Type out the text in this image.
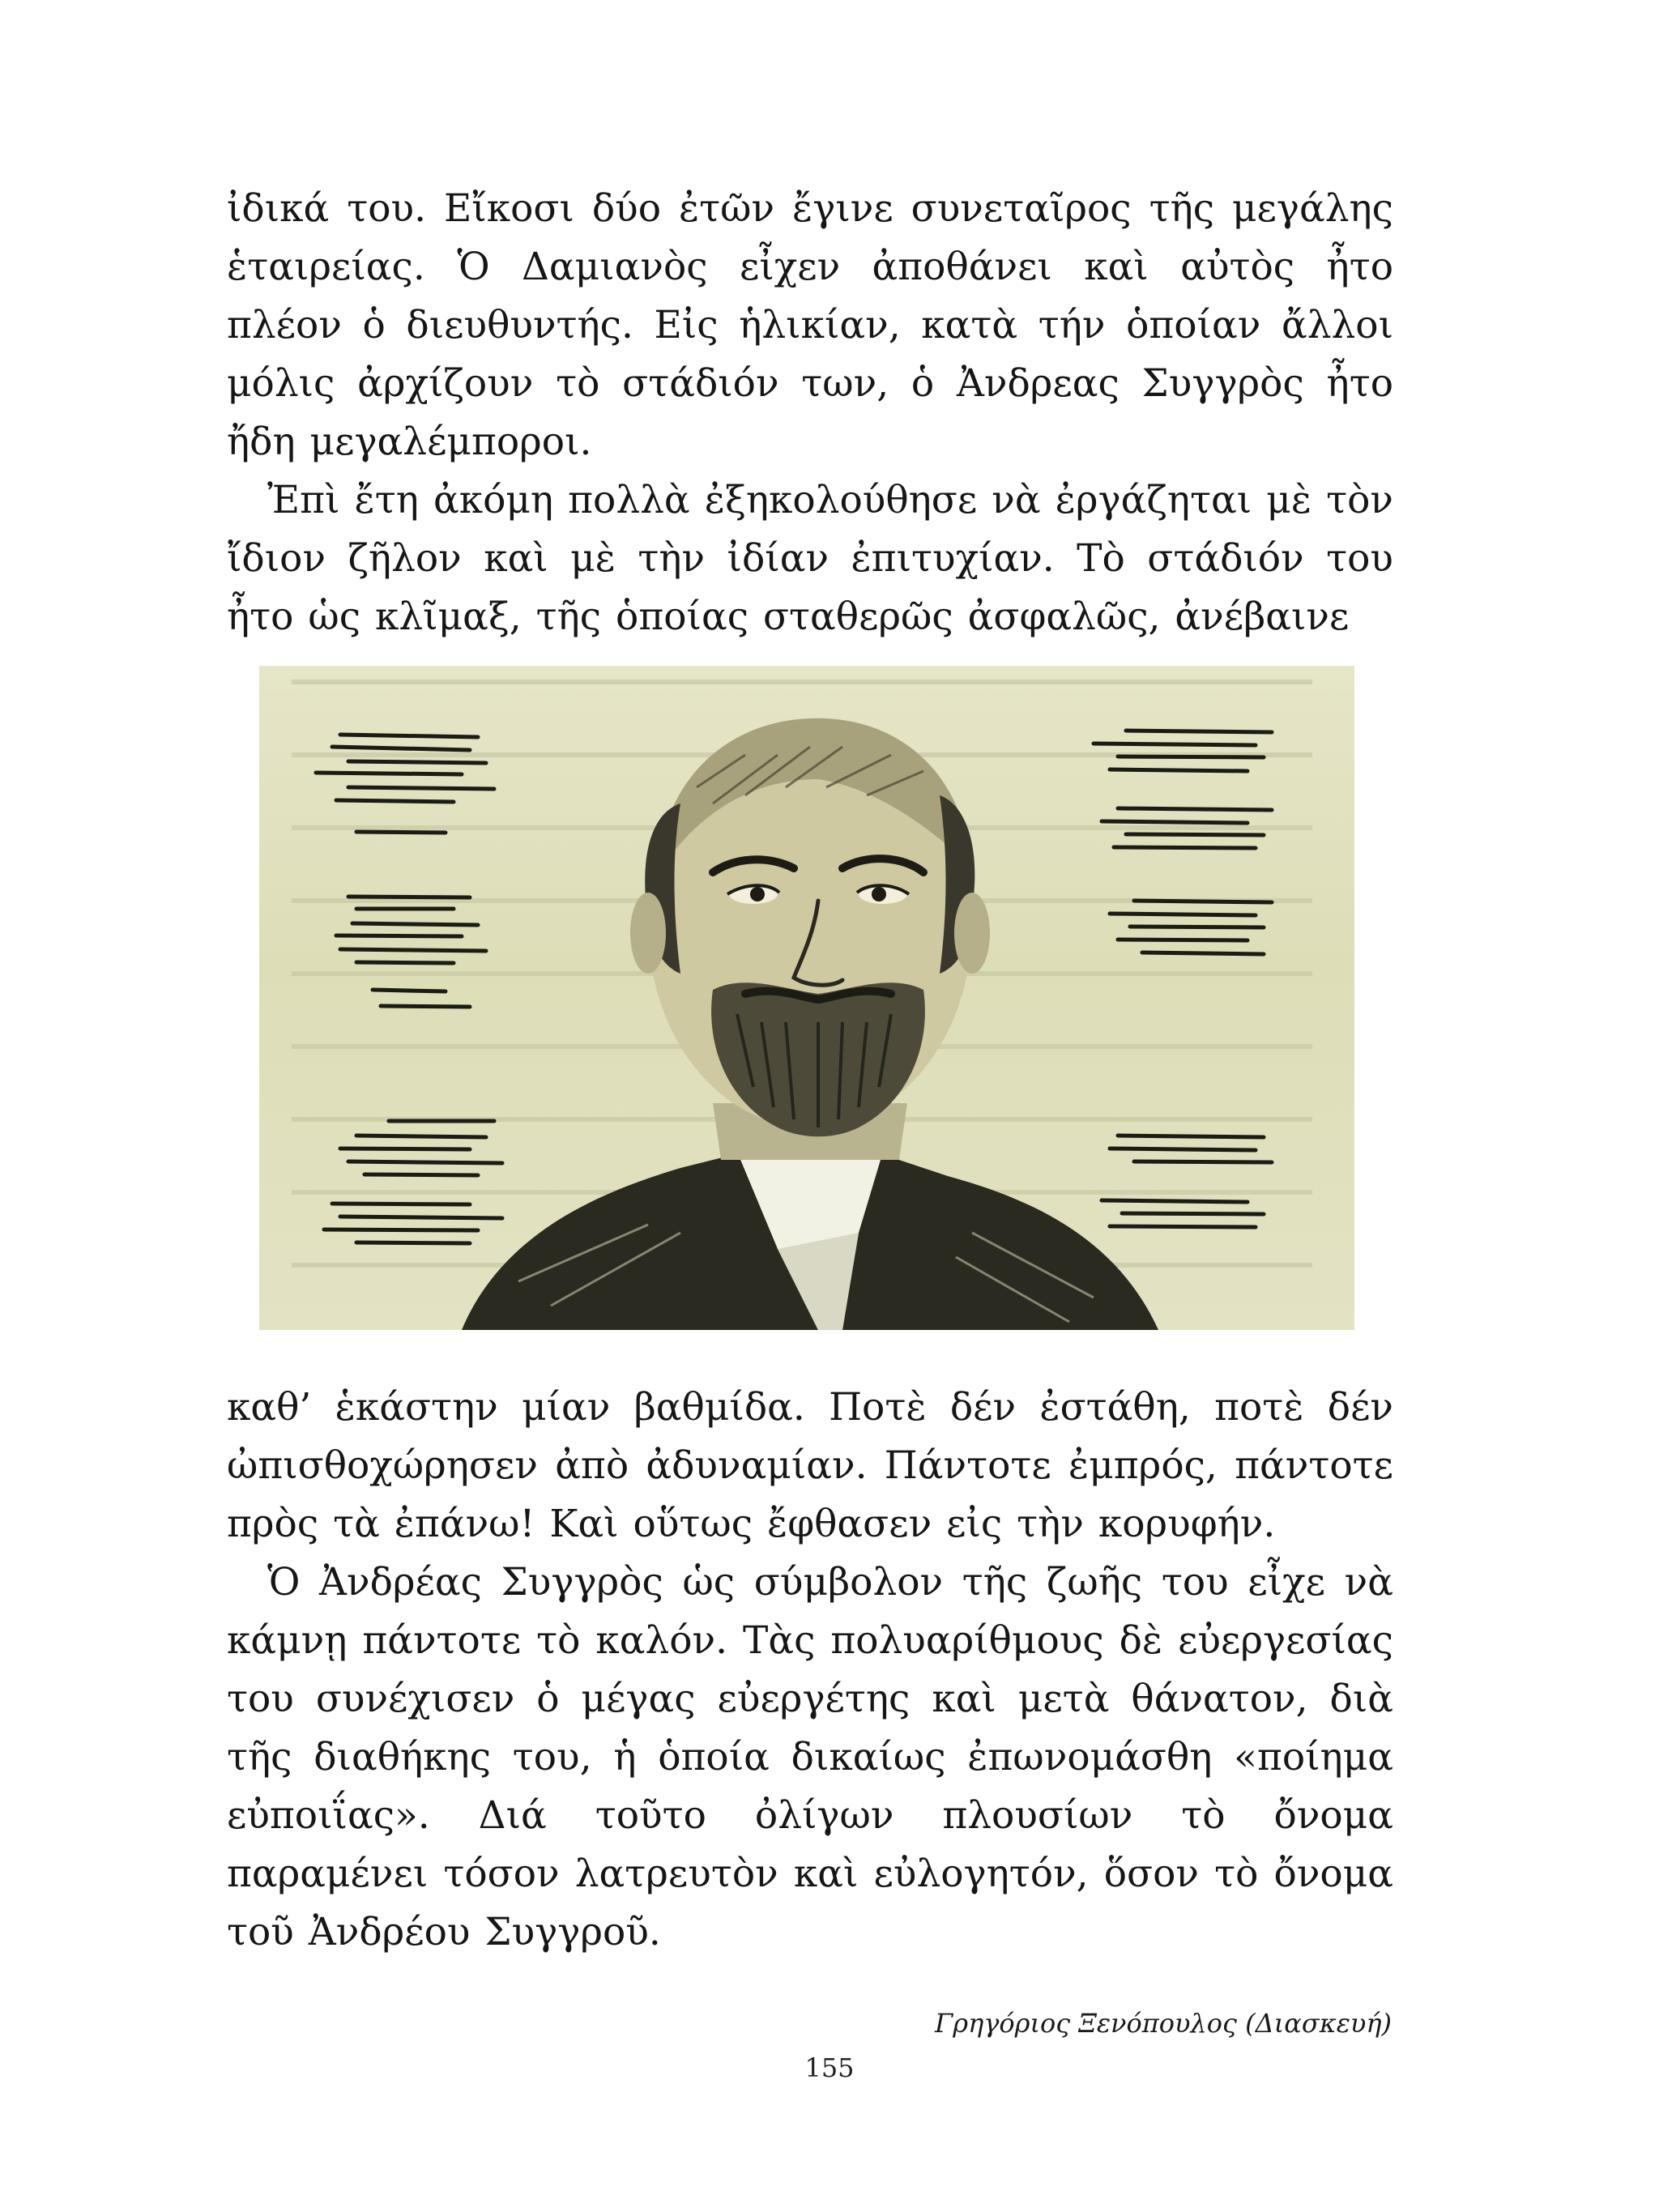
ἰδικά του. Εἴκοσι δύο ἐτῶν ἔγινε συνεταῖρος τῆς μεγάλης ἑταιρείας. Ὁ Δαμιανὸς εἶχεν ἀποθάνει καὶ αὐτὸς ἦτο πλέον ὁ διευθυντής. Εἰς ἡλικίαν, κατὰ τήν ὁποίαν ἄλλοι μόλις ἀρχίζουν τὸ στάδιόν των, ὁ Ἀνδρεας Συγγρὸς ἦτο ἤδη μεγαλέμποροι.

Ἐπὶ ἔτη ἀκόμη πολλὰ ἐξηκολούθησε νὰ ἐργάζηται μὲ τὸν ἴδιον ζῆλον καὶ μὲ τὴν ἰδίαν ἐπιτυχίαν. Τὸ στάδιόν του ἦτο ὡς κλῖμαξ, τῆς ὁποίας σταθερῶς ἀσφαλῶς, ἀνέβαινε

καθ’ ἑκάστην μίαν βαθμίδα. Ποτὲ δέν ἐστάθη, ποτὲ δέν ὠπισθοχώρησεν ἀπὸ ἀδυναμίαν. Πάντοτε ἐμπρός, πάντοτε πρὸς τὰ ἐπάνω! Καὶ οὕτως ἔφθασεν εἰς τὴν κορυφήν.

Ὁ Ἀνδρέας Συγγρὸς ὡς σύμβολον τῆς ζωῆς του εἶχε νὰ κάμνῃ πάντοτε τὸ καλόν. Τὰς πολυαρίθμους δὲ εὐεργεσίας του συνέχισεν ὁ μέγας εὐεργέτης καὶ μετὰ θάνατον, διὰ τῆς διαθήκης του, ἡ ὁποία δικαίως ἐπωνομάσθη «ποίημα εὐποιΐας». Διά τοῦτο ὀλίγων πλουσίων τὸ ὄνομα παραμένει τόσον λατρευτὸν καὶ εὐλογητόν, ὅσον τὸ ὄνομα τοῦ Ἀνδρέου Συγγροῦ.

Γρηγόριος Ξενόπουλος (Διασκευή)
155
